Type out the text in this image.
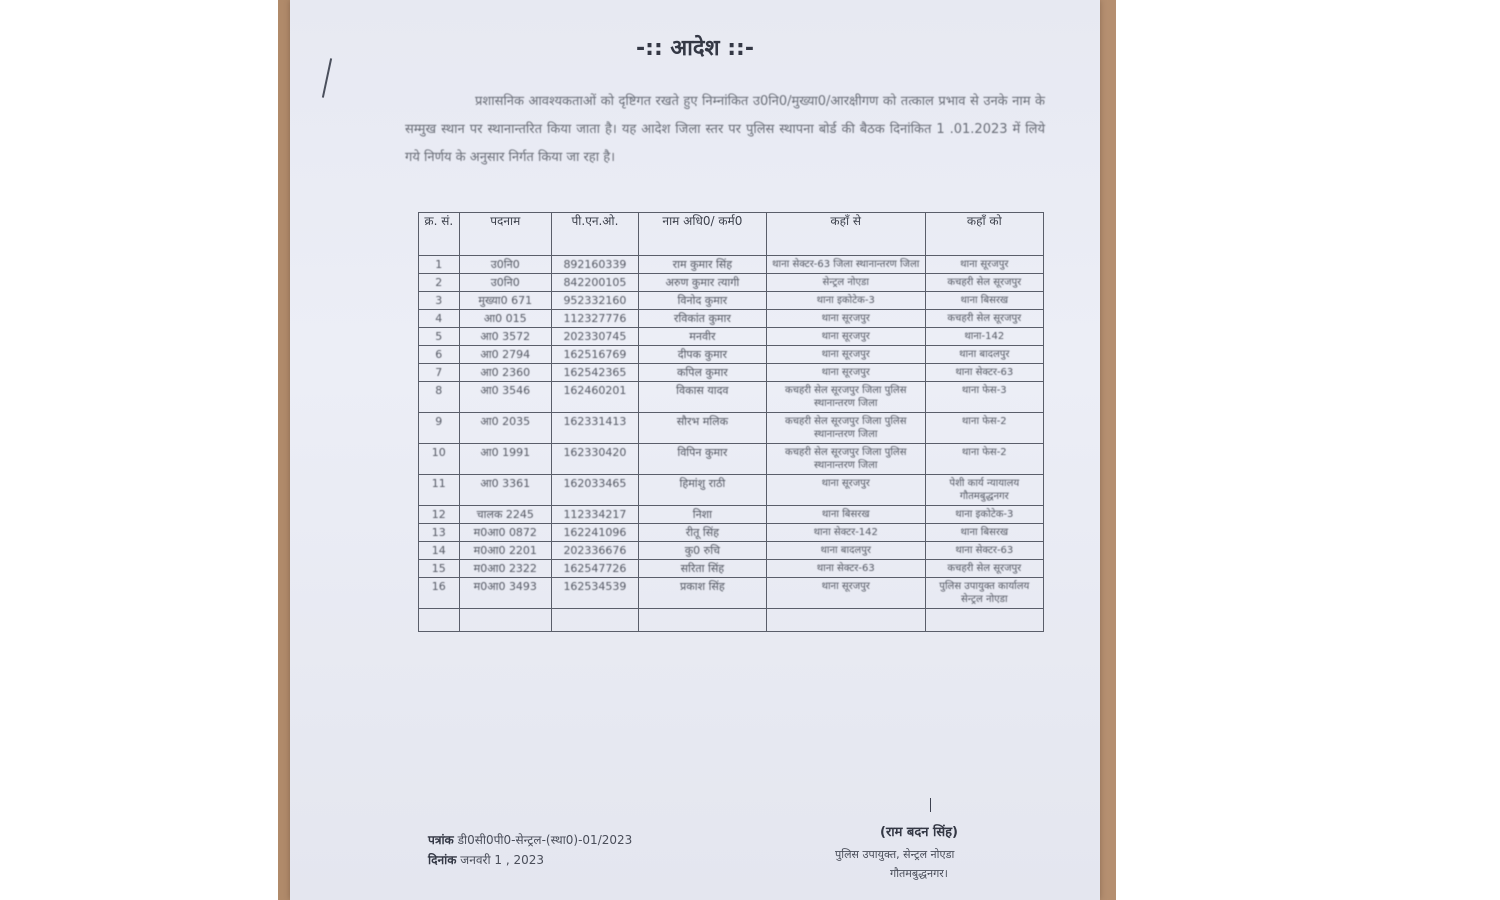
-:: आदेश ::-
प्रशासनिक आवश्यकताओं को दृष्टिगत रखते हुए निम्नांकित उ0नि0/मुख्या0/आरक्षीगण को तत्काल प्रभाव से उनके नाम के सम्मुख स्थान पर स्थानान्तरित किया जाता है। यह आदेश जिला स्तर पर पुलिस स्थापना बोर्ड की बैठक दिनांकित 1 .01.2023 में लिये गये निर्णय के अनुसार निर्गत किया जा रहा है।
क्र. सं.	पदनाम	पी.एन.ओ.	नाम अधि0/ कर्म0	कहाँ से	कहाँ को
1	उ0नि0	892160339	राम कुमार सिंह	थाना सेक्टर-63 जिला स्थानान्तरण जिला	थाना सूरजपुर
2	उ0नि0	842200105	अरुण कुमार त्यागी	सेन्ट्रल नोएडा	कचहरी सेल सूरजपुर
3	मुख्या0 671	952332160	विनोद कुमार	थाना इकोटेक-3	थाना बिसरख
4	आ0 015	112327776	रविकांत कुमार	थाना सूरजपुर	कचहरी सेल सूरजपुर
5	आ0 3572	202330745	मनवीर	थाना सूरजपुर	थाना-142
6	आ0 2794	162516769	दीपक कुमार	थाना सूरजपुर	थाना बादलपुर
7	आ0 2360	162542365	कपिल कुमार	थाना सूरजपुर	थाना सेक्टर-63
8	आ0 3546	162460201	विकास यादव	कचहरी सेल सूरजपुर जिला पुलिस स्थानान्तरण जिला	थाना फेस-3
9	आ0 2035	162331413	सौरभ मलिक	कचहरी सेल सूरजपुर जिला पुलिस स्थानान्तरण जिला	थाना फेस-2
10	आ0 1991	162330420	विपिन कुमार	कचहरी सेल सूरजपुर जिला पुलिस स्थानान्तरण जिला	थाना फेस-2
11	आ0 3361	162033465	हिमांशु राठी	थाना सूरजपुर	पेशी कार्य न्यायालय गौतमबुद्धनगर
12	चालक 2245	112334217	निशा	थाना बिसरख	थाना इकोटेक-3
13	म0आ0 0872	162241096	रीतू सिंह	थाना सेक्टर-142	थाना बिसरख
14	म0आ0 2201	202336676	कु0 रुचि	थाना बादलपुर	थाना सेक्टर-63
15	म0आ0 2322	162547726	सरिता सिंह	थाना सेक्टर-63	कचहरी सेल सूरजपुर
16	म0आ0 3493	162534539	प्रकाश सिंह	थाना सूरजपुर	पुलिस उपायुक्त कार्यालय सेन्ट्रल नोएडा

(राम बदन सिंह)
पुलिस उपायुक्त, सेन्ट्रल नोएडा
गौतमबुद्धनगर।
पत्रांक डी0सी0पी0-सेन्ट्रल-(स्था0)-01/2023
दिनांक जनवरी 1 , 2023
